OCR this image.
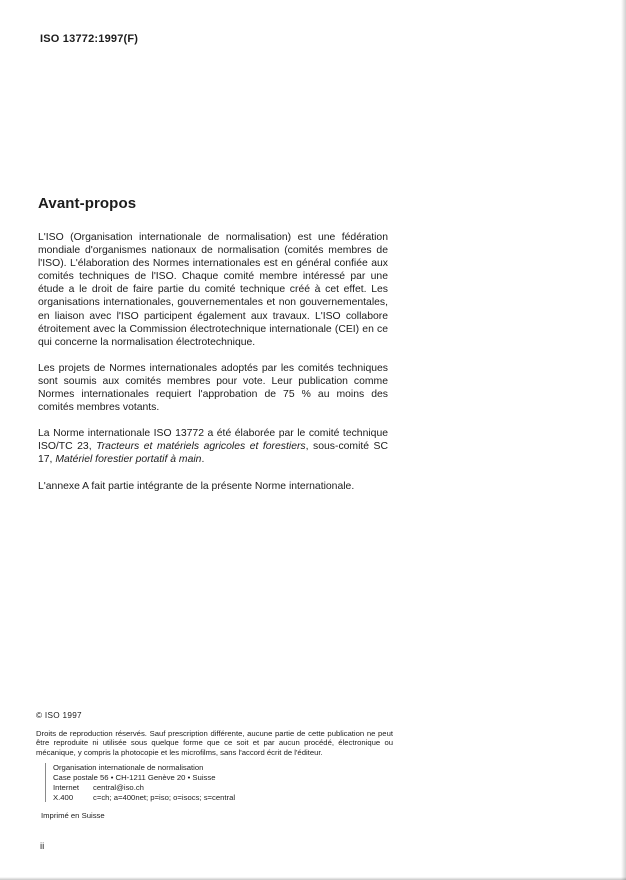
ISO 13772:1997(F)
Avant-propos

L'ISO (Organisation internationale de normalisation) est une fédération mondiale d'organismes nationaux de normalisation (comités membres de l'ISO). L'élaboration des Normes internationales est en général confiée aux comités techniques de l'ISO. Chaque comité membre intéressé par une étude a le droit de faire partie du comité technique créé à cet effet. Les organisations internationales, gouvernementales et non gouvernementales, en liaison avec l'ISO participent également aux travaux. L'ISO collabore étroitement avec la Commission électrotechnique internationale (CEI) en ce qui concerne la normalisation électrotechnique.

Les projets de Normes internationales adoptés par les comités techniques sont soumis aux comités membres pour vote. Leur publication comme Normes internationales requiert l'approbation de 75 % au moins des comités membres votants.

La Norme internationale ISO 13772 a été élaborée par le comité technique ISO/TC 23, Tracteurs et matériels agricoles et forestiers, sous-comité SC 17, Matériel forestier portatif à main.

L'annexe A fait partie intégrante de la présente Norme internationale.

© ISO 1997

Droits de reproduction réservés. Sauf prescription différente, aucune partie de cette publication ne peut être reproduite ni utilisée sous quelque forme que ce soit et par aucun procédé, électronique ou mécanique, y compris la photocopie et les microfilms, sans l'accord écrit de l'éditeur.

Organisation internationale de normalisation
Case postale 56 • CH-1211 Genève 20 • Suisse
Internet	central@iso.ch
X.400	c=ch; a=400net; p=iso; o=isocs; s=central
Imprimé en Suisse
ii
